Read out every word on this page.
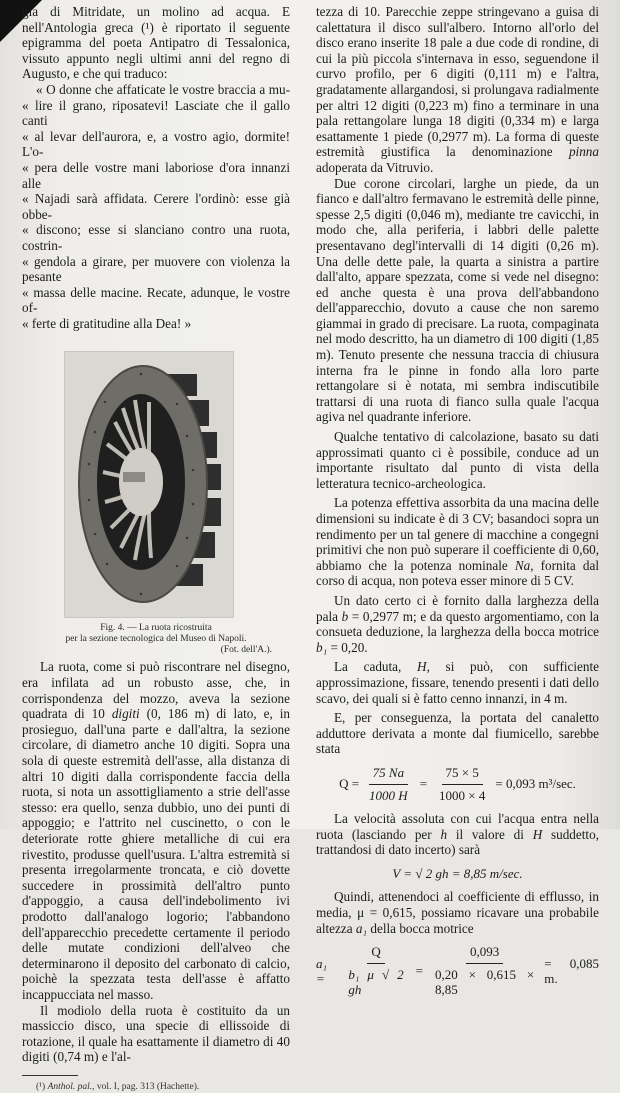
gia di Mitridate, un molino ad acqua. E nell'Antologia greca (¹) è riportato il seguente epigramma del poeta Antipatro di Tessalonica, vissuto appunto negli ultimi anni del regno di Augusto, e che qui traduco:

« O donne che affaticate le vostre braccia a mu-
« lire il grano, riposatevi! Lasciate che il gallo canti
« al levar dell'aurora, e, a vostro agio, dormite! L'o-
« pera delle vostre mani laboriose d'ora innanzi alle
« Najadi sarà affidata. Cerere l'ordinò: esse già obbe-
« discono; esse si slanciano contro una ruota, costrin-
« gendola a girare, per muovere con violenza la pesante
« massa delle macine. Recate, adunque, le vostre of-
« ferte di gratitudine alla Dea! »
Fig. 4. — La ruota ricostruita
per la sezione tecnologica del Museo di Napoli.
(Fot. dell'A.).

La ruota, come si può riscontrare nel disegno, era infilata ad un robusto asse, che, in corrispondenza del mozzo, aveva la sezione quadrata di 10 digiti (0, 186 m) di lato, e, in prosieguo, dall'una parte e dall'altra, la sezione circolare, di diametro anche 10 digiti. Sopra una sola di queste estremità dell'asse, alla distanza di altri 10 digiti dalla corrispondente faccia della ruota, si nota un assottigliamento a strie dell'asse stesso: era quello, senza dubbio, uno dei punti di appoggio; e l'attrito nel cuscinetto, o con le deteriorate rotte ghiere metalliche di cui era rivestito, produsse quell'usura. L'altra estremità si presenta irregolarmente troncata, e ciò dovette succedere in prossimità dell'altro punto d'appoggio, a causa dell'indebolimento ivi prodotto dall'analogo logorio; l'abbandono dell'apparecchio precedette certamente il periodo delle mutate condizioni dell'alveo che determinarono il deposito del carbonato di calcio, poichè la spezzata testa dell'asse è affatto incappucciata nel masso.

Il modiolo della ruota è costituito da un massiccio disco, una specie di ellissoide di rotazione, il quale ha esattamente il diametro di 40 digiti (0,74 m) e l'al-

(¹) Anthol. pal., vol. I, pag. 313 (Hachette).

tezza di 10. Parecchie zeppe stringevano a guisa di calettatura il disco sull'albero. Intorno all'orlo del disco erano inserite 18 pale a due code di rondine, di cui la più piccola s'internava in esso, seguendone il curvo profilo, per 6 digiti (0,111 m) e l'altra, gradatamente allargandosi, si prolungava radialmente per altri 12 digiti (0,223 m) fino a terminare in una pala rettangolare lunga 18 digiti (0,334 m) e larga esattamente 1 piede (0,2977 m). La forma di queste estremità giustifica la denominazione pinna adoperata da Vitruvio.

Due corone circolari, larghe un piede, da un fianco e dall'altro fermavano le estremità delle pinne, spesse 2,5 digiti (0,046 m), mediante tre cavicchi, in modo che, alla periferia, i labbri delle palette presentavano degl'intervalli di 14 digiti (0,26 m). Una delle dette pale, la quarta a sinistra a partire dall'alto, appare spezzata, come si vede nel disegno: ed anche questa è una prova dell'abbandono dell'apparecchio, dovuto a cause che non saremo giammai in grado di precisare. La ruota, compaginata nel modo descritto, ha un diametro di 100 digiti (1,85 m). Tenuto presente che nessuna traccia di chiusura interna fra le pinne in fondo alla loro parte rettangolare si è notata, mi sembra indiscutibile trattarsi di una ruota di fianco sulla quale l'acqua agiva nel quadrante inferiore.

Qualche tentativo di calcolazione, basato su dati approssimati quanto ci è possibile, conduce ad un importante risultato dal punto di vista della letteratura tecnico-archeologica.

La potenza effettiva assorbita da una macina delle dimensioni su indicate è di 3 CV; basandoci sopra un rendimento per un tal genere di macchine a congegni primitivi che non può superare il coefficiente di 0,60, abbiamo che la potenza nominale Na, fornita dal corso di acqua, non poteva esser minore di 5 CV.

Un dato certo ci è fornito dalla larghezza della pala b = 0,2977 m; e da questo argomentiamo, con la consueta deduzione, la larghezza della bocca motrice b₁ = 0,20.

La caduta, H, si può, con sufficiente approssimazione, fissare, tenendo presenti i dati dello scavo, dei quali si è fatto cenno innanzi, in 4 m.

E, per conseguenza, la portata del canaletto adduttore derivata a monte dal fiumicello, sarebbe stata

$Q = \frac{75 Na}{1000 H} = \frac{75 \times 5}{1000 \times 4} = 0,093$ m³/sec.

La velocità assoluta con cui l'acqua entra nella ruota (lasciando per h il valore di H suddetto, trattandosi di dato incerto) sarà

V = √ 2 gh = 8,85 m/sec.

Quindi, attenendoci al coefficiente di efflusso, in media, μ = 0,615, possiamo ricavare una probabile altezza a₁ della bocca motrice

a₁ =	$\frac{Q}{\text{b₁ μ √ 2 gh}} = \frac{0,093}{0,20 \times 0,615 \times 8,85} = 0,085$ m.
